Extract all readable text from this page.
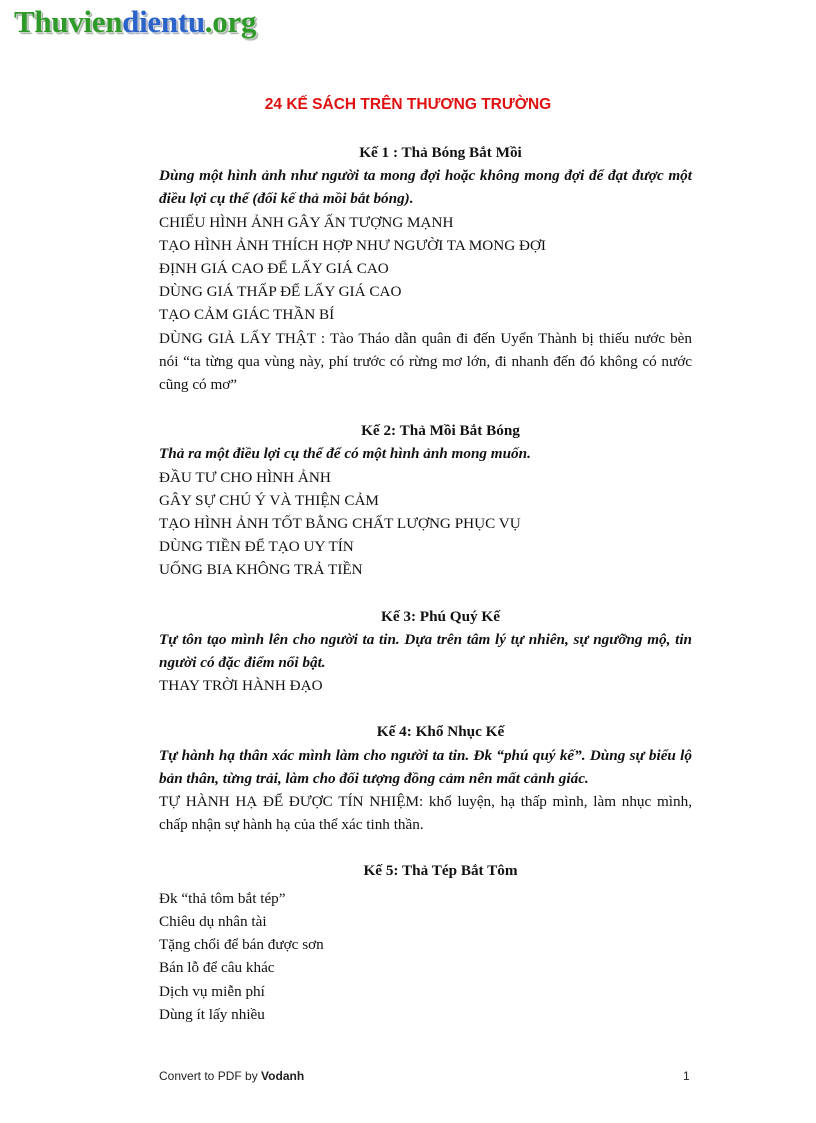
Thuviendientu.org
24 KẾ SÁCH TRÊN THƯƠNG TRƯỜNG
Kế 1 : Thả Bóng Bắt Mồi
Dùng một hình ảnh như người ta mong đợi hoặc không mong đợi để đạt được một điều lợi cụ thể (đối kế thả mồi bắt bóng).
CHIẾU HÌNH ẢNH GÂY ẤN TƯỢNG MẠNH
TẠO HÌNH ẢNH THÍCH HỢP NHƯ NGƯỜI TA MONG ĐỢI
ĐỊNH GIÁ CAO ĐỂ LẤY GIÁ CAO
DÙNG GIÁ THẤP ĐỂ LẤY GIÁ CAO
TẠO CẢM GIÁC THẦN BÍ
DÙNG GIẢ LẤY THẬT : Tào Tháo dẫn quân đi đến Uyển Thành bị thiếu nước bèn nói “ta từng qua vùng này, phí trước có rừng mơ lớn, đi nhanh đến đó không có nước cũng có mơ”
Kế 2: Thả Mồi Bắt Bóng
Thả ra một điều lợi cụ thể để có một hình ảnh mong muốn.
ĐẦU TƯ CHO HÌNH ẢNH
GÂY SỰ CHÚ Ý VÀ THIỆN CẢM
TẠO HÌNH ẢNH TỐT BẰNG CHẤT LƯỢNG PHỤC VỤ
DÙNG TIỀN ĐỂ TẠO UY TÍN
UỐNG BIA KHÔNG TRẢ TIỀN
Kế 3: Phú Quý Kế
Tự tôn tạo mình lên cho người ta tin. Dựa trên tâm lý tự nhiên, sự ngưỡng mộ, tin người có đặc điểm nổi bật.
THAY TRỜI HÀNH ĐẠO
Kế 4: Khổ Nhục Kế
Tự hành hạ thân xác mình làm cho người ta tin. Đk “phú quý kế”. Dùng sự biểu lộ bản thân, từng trải, làm cho đối tượng đồng cảm nên mất cảnh giác.
TỰ HÀNH HẠ ĐỂ ĐƯỢC TÍN NHIỆM: khổ luyện, hạ thấp mình, làm nhục mình, chấp nhận sự hành hạ của thể xác tinh thần.
Kế 5: Thả Tép Bắt Tôm
Đk “thả tôm bắt tép”
Chiêu dụ nhân tài
Tặng chổi để bán được sơn
Bán lỗ để câu khác
Dịch vụ miễn phí
Dùng ít lấy nhiều
Convert to PDF by Vodanh	1
